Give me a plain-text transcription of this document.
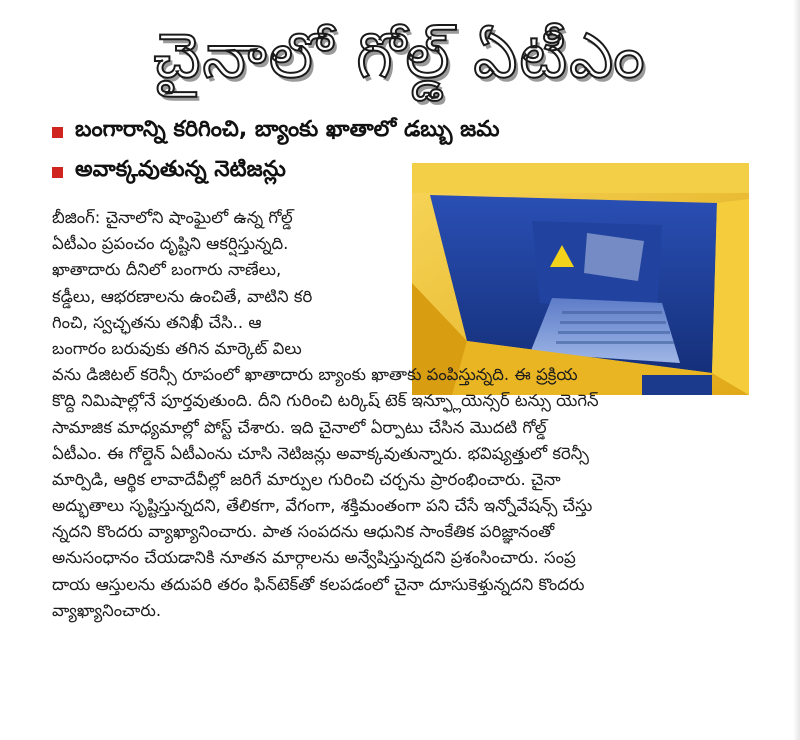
చైనాలో గోల్డ్ ఏటీఎం
బంగారాన్ని కరిగించి, బ్యాంకు ఖాతాలో డబ్బు జమ
అవాక్కవుతున్న నెటిజన్లు
బీజింగ్: చైనాలోని షాంఘైలో ఉన్న గోల్డ్
ఏటీఎం ప్రపంచం దృష్టిని ఆకర్షిస్తున్నది.
ఖాతాదారు దీనిలో బంగారు నాణేలు,
కడ్డీలు, ఆభరణాలను ఉంచితే, వాటిని కరి
గించి, స్వచ్ఛతను తనిఖీ చేసి.. ఆ
బంగారం బరువుకు తగిన మార్కెట్ విలు
వను డిజిటల్ కరెన్సీ రూపంలో ఖాతాదారు బ్యాంకు ఖాతాకు పంపిస్తున్నది. ఈ ప్రక్రియ
కొద్ది నిమిషాల్లోనే పూర్తవుతుంది. దీని గురించి టర్కిష్ టెక్ ఇన్ఫ్లూయెన్సర్ టన్సు యెగెన్
సామాజిక మాధ్యమాల్లో పోస్ట్ చేశారు. ఇది చైనాలో ఏర్పాటు చేసిన మొదటి గోల్డ్
ఏటీఎం. ఈ గోల్డెన్ ఏటీఎంను చూసి నెటిజన్లు అవాక్కవుతున్నారు. భవిష్యత్తులో కరెన్సీ
మార్పిడి, ఆర్థిక లావాదేవీల్లో జరిగే మార్పుల గురించి చర్చను ప్రారంభించారు. చైనా
అద్భుతాలు సృష్టిస్తున్నదని, తేలికగా, వేగంగా, శక్తిమంతంగా పని చేసే ఇన్నోవేషన్స్ చేస్తు
న్నదని కొందరు వ్యాఖ్యానించారు. పాత సంపదను ఆధునిక సాంకేతిక పరిజ్ఞానంతో
అనుసంధానం చేయడానికి నూతన మార్గాలను అన్వేషిస్తున్నదని ప్రశంసించారు. సంప్ర
దాయ ఆస్తులను తదుపరి తరం ఫిన్‌టెక్‌తో కలపడంలో చైనా దూసుకెళ్తున్నదని కొందరు
వ్యాఖ్యానించారు.
